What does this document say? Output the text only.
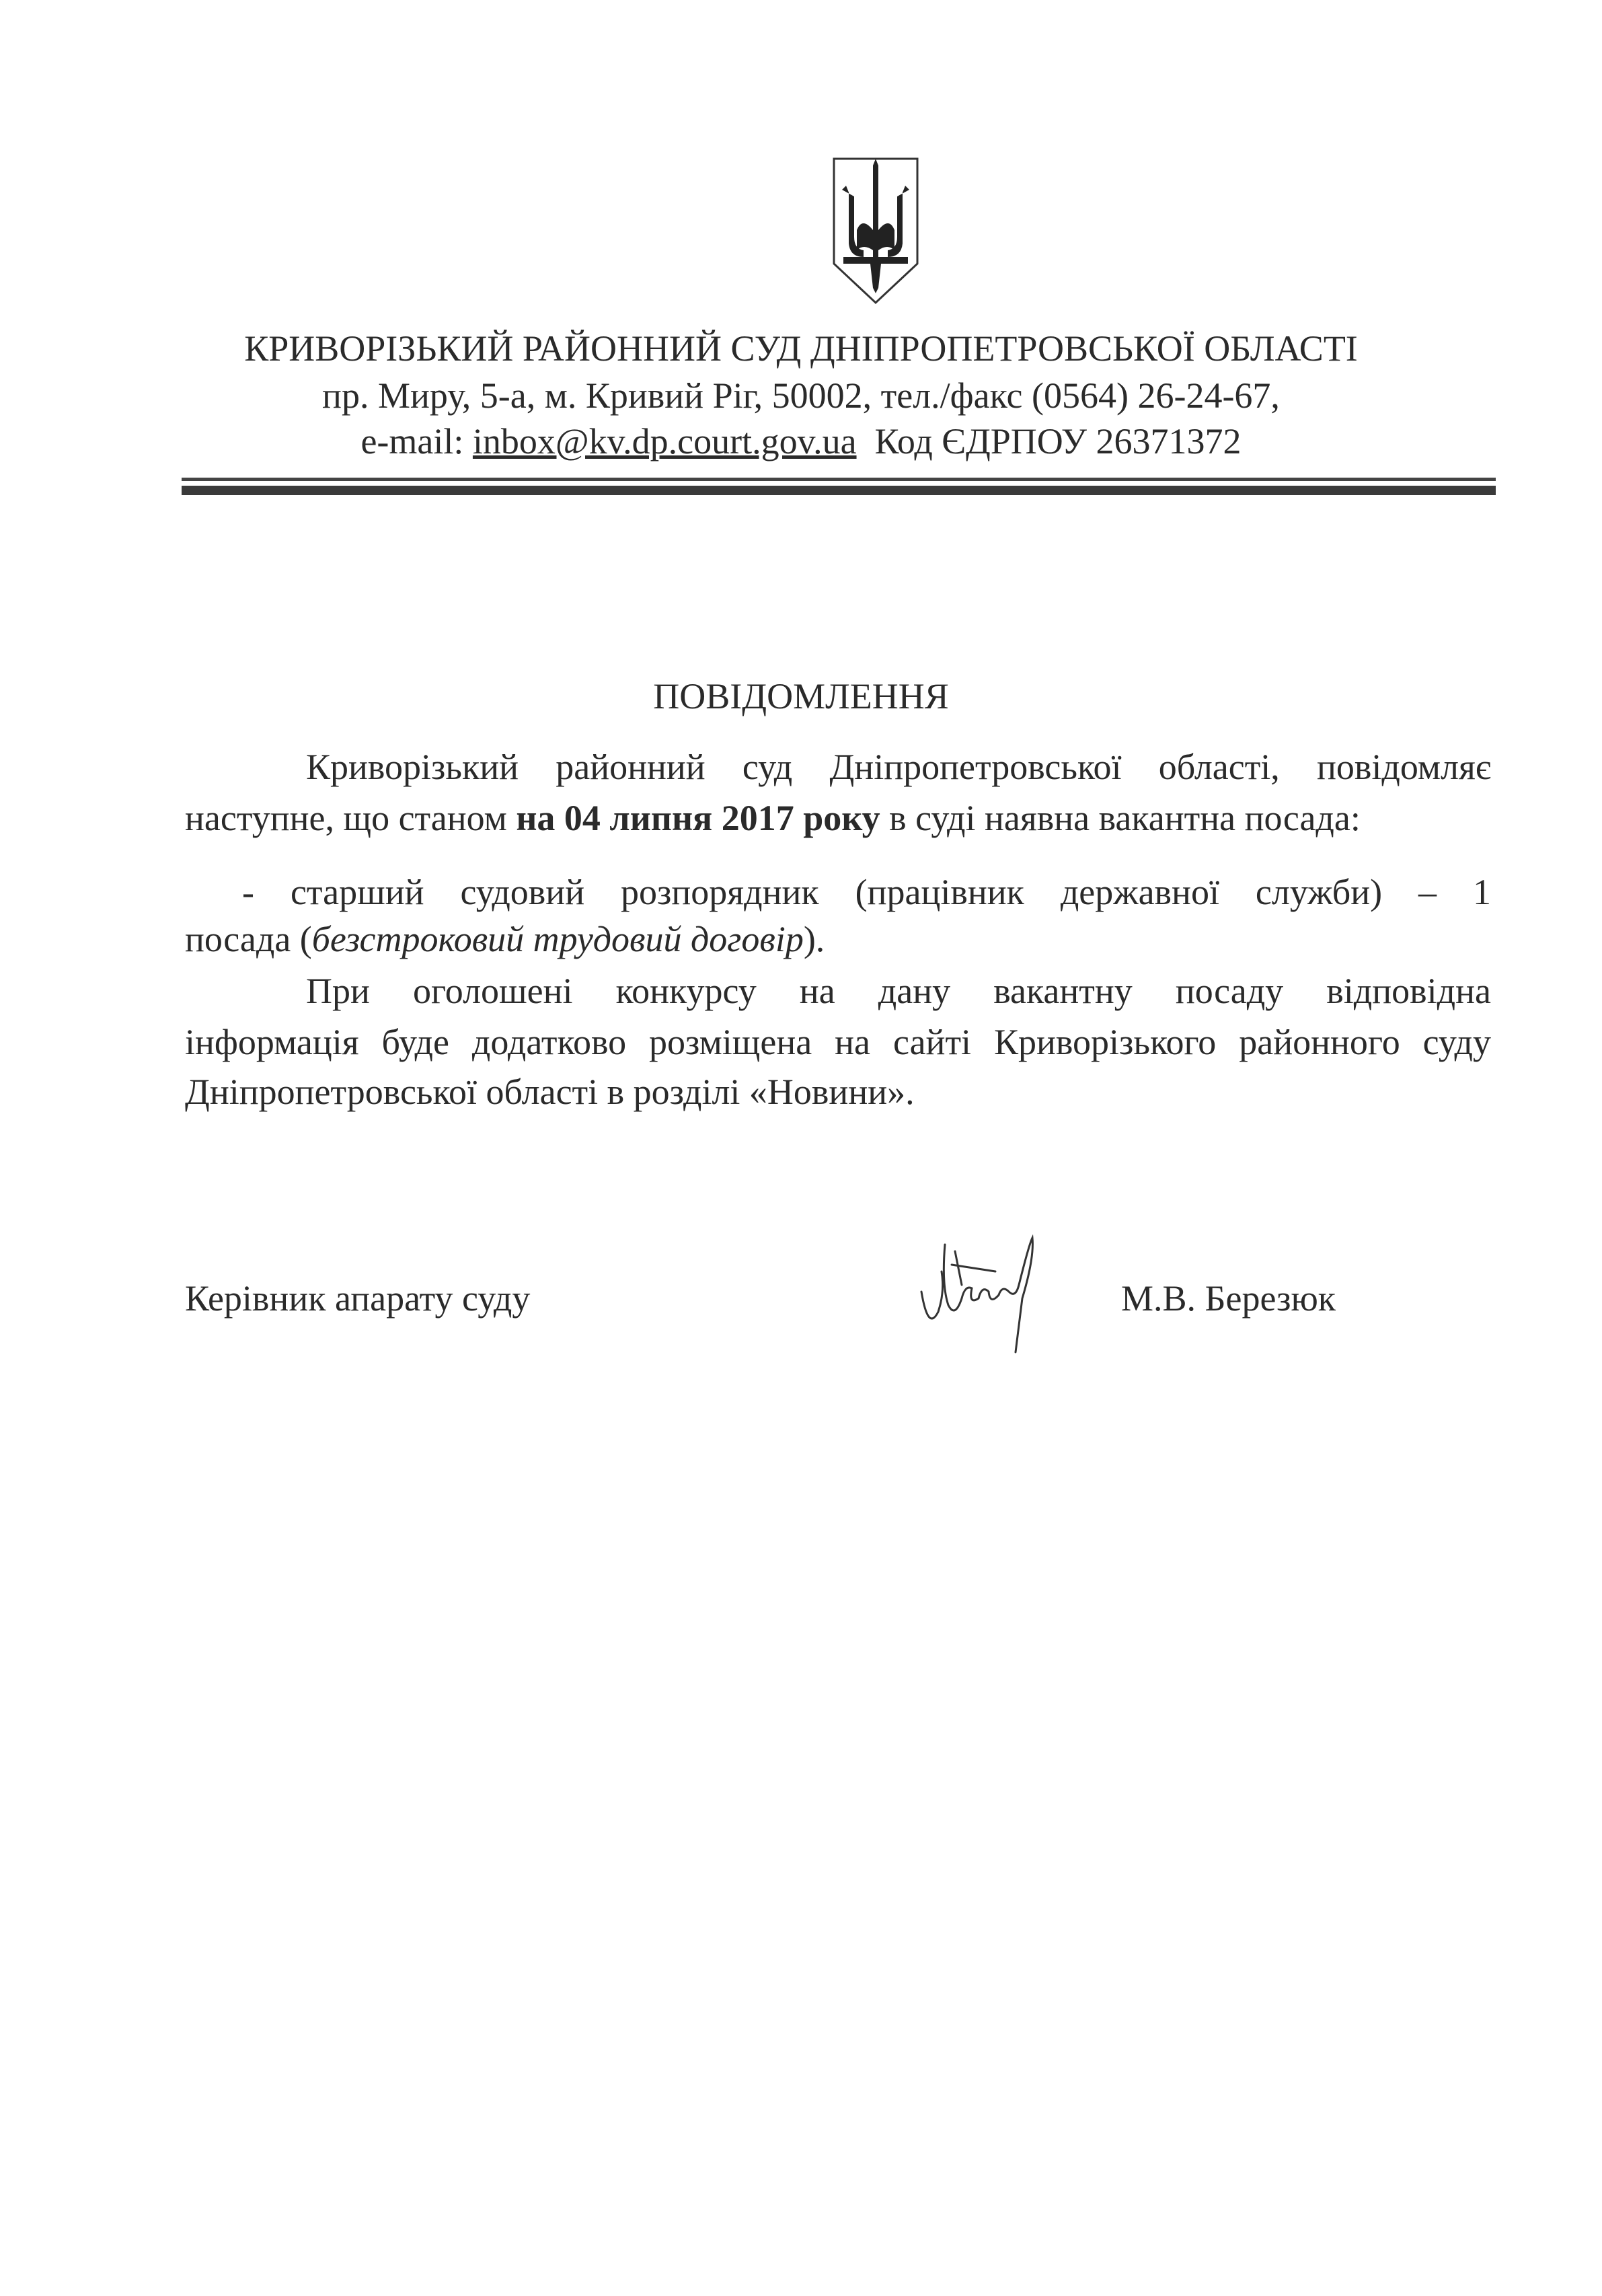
КРИВОРІЗЬКИЙ РАЙОННИЙ СУД ДНІПРОПЕТРОВСЬКОЇ ОБЛАСТІ
пр. Миру, 5-а, м. Кривий Ріг, 50002, тел./факс (0564) 26-24-67,
e-mail: inbox@kv.dp.court.gov.ua Код ЄДРПОУ 26371372
ПОВІДОМЛЕННЯ
Криворізький районний суд Дніпропетровської області, повідомляє
наступне, що станом на 04 липня 2017 року в суді наявна вакантна посада:
- старший судовий розпорядник (працівник державної служби) – 1
посада (безстроковий трудовий договір).
При оголошені конкурсу на дану вакантну посаду відповідна
інформація буде додатково розміщена на сайті Криворізького районного суду
Дніпропетровської області в розділі «Новини».
Керівник апарату суду	М.В. Березюк
